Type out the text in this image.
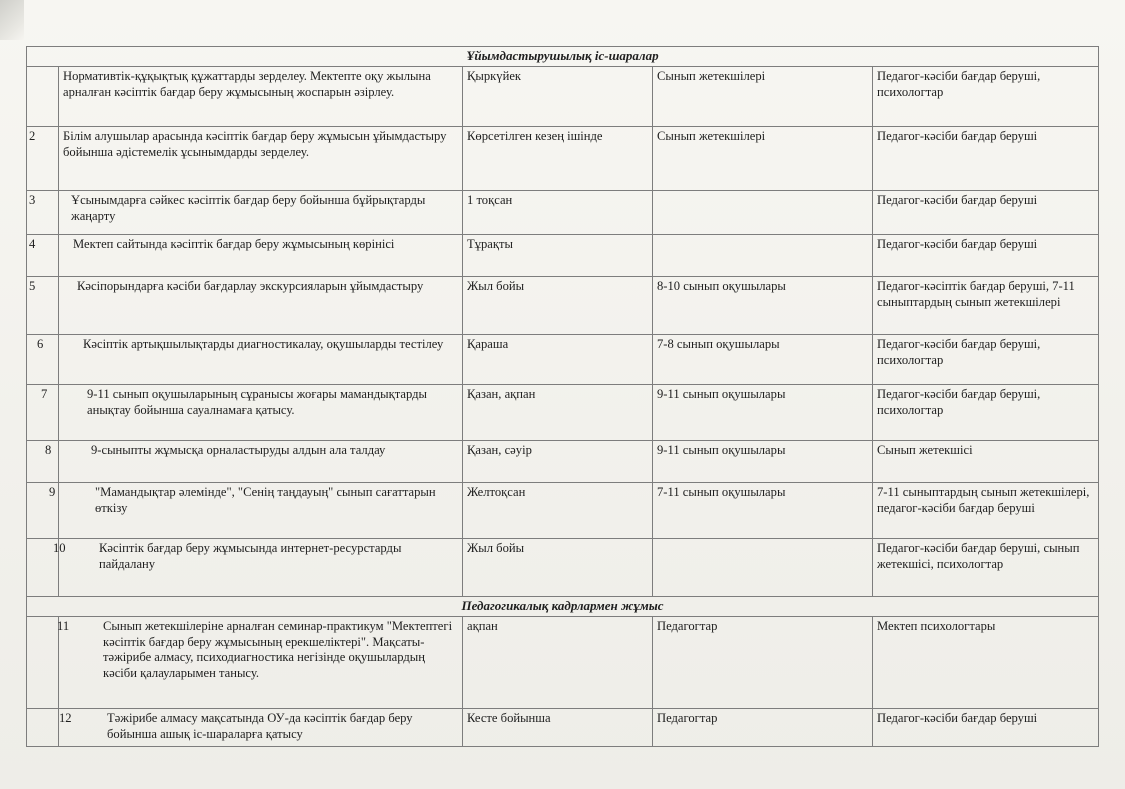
Ұйымдастырушылық іс-шаралар				
	Нормативтік-құқықтық құжаттарды зерделеу. Мектепте оқу жылына арналған кәсіптік бағдар беру жұмысының жоспарын әзірлеу.	Қыркүйек	Сынып жетекшілері	Педагог-кәсіби бағдар беруші, психологтар
2	Білім алушылар арасында кәсіптік бағдар беру жұмысын ұйымдастыру бойынша әдістемелік ұсынымдарды зерделеу.	Көрсетілген кезең ішінде	Сынып жетекшілері	Педагог-кәсіби бағдар беруші
3	Ұсынымдарға сәйкес кәсіптік бағдар беру бойынша бұйрықтарды жаңарту	1 тоқсан		Педагог-кәсіби бағдар беруші
4	Мектеп сайтында кәсіптік бағдар беру жұмысының көрінісі	Тұрақты		Педагог-кәсіби бағдар беруші
5	Кәсіпорындарға кәсіби бағдарлау экскурсияларын ұйымдастыру	Жыл бойы	8-10 сынып оқушылары	Педагог-кәсіптік бағдар беруші, 7-11 сыныптардың сынып жетекшілері
6	Кәсіптік артықшылықтарды диагностикалау, оқушыларды тестілеу	Қараша	7-8 сынып оқушылары	Педагог-кәсіби бағдар беруші, психологтар
7	9-11 сынып оқушыларының сұранысы жоғары мамандықтарды анықтау бойынша сауалнамаға қатысу.	Қазан, ақпан	9-11 сынып оқушылары	Педагог-кәсіби бағдар беруші, психологтар
8	9-сыныпты жұмысқа орналастыруды алдын ала талдау	Қазан, сәуір	9-11 сынып оқушылары	Сынып жетекшісі
9	"Мамандықтар әлемінде", "Сенің таңдауың" сынып сағаттарын өткізу	Желтоқсан	7-11 сынып оқушылары	7-11 сыныптардың сынып жетекшілері, педагог-кәсіби бағдар беруші
10	Кәсіптік бағдар беру жұмысында интернет-ресурстарды пайдалану	Жыл бойы		Педагог-кәсіби бағдар беруші, сынып жетекшісі, психологтар
Педагогикалық кадрлармен жұмыс				
11	Сынып жетекшілеріне арналған семинар-практикум "Мектептегі кәсіптік бағдар беру жұмысының ерекшеліктері". Мақсаты-тәжірибе алмасу, психодиагностика негізінде оқушылардың кәсіби қалауларымен танысу.	ақпан	Педагогтар	Мектеп психологтары
12	Тәжірибе алмасу мақсатында ОУ-да кәсіптік бағдар беру бойынша ашық іс-шараларға қатысу	Кесте бойынша	Педагогтар	Педагог-кәсіби бағдар беруші
